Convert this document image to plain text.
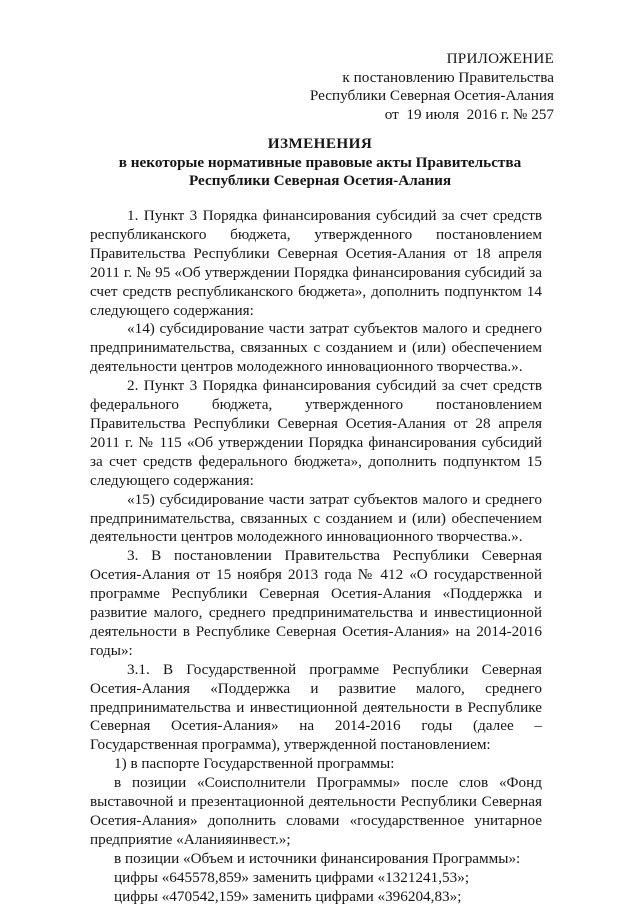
ПРИЛОЖЕНИЕ
к постановлению Правительства
Республики Северная Осетия-Алания
от  19 июля  2016 г. № 257
ИЗМЕНЕНИЯ
в некоторые нормативные правовые акты Правительства
Республики Северная Осетия-Алания

1. Пункт 3 Порядка финансирования субсидий за счет средств республиканского бюджета, утвержденного постановлением Правительства Республики Северная Осетия-Алания от 18 апреля 2011 г. № 95 «Об утверждении Порядка финансирования субсидий за счет средств республиканского бюджета», дополнить подпунктом 14 следующего содержания:

«14) субсидирование части затрат субъектов малого и среднего предпринимательства, связанных с созданием и (или) обеспечением деятельности центров молодежного инновационного творчества.».

2. Пункт 3 Порядка финансирования субсидий за счет средств федерального бюджета, утвержденного постановлением Правительства Республики Северная Осетия-Алания от 28 апреля 2011 г. № 115 «Об утверждении Порядка финансирования субсидий за счет средств федерального бюджета», дополнить подпунктом 15 следующего содержания:

«15) субсидирование части затрат субъектов малого и среднего предпринимательства, связанных с созданием и (или) обеспечением деятельности центров молодежного инновационного творчества.».

3. В постановлении Правительства Республики Северная Осетия-Алания от 15 ноября 2013 года № 412 «О государственной программе Республики Северная Осетия-Алания «Поддержка и развитие малого, среднего предпринимательства и инвестиционной деятельности в Республике Северная Осетия-Алания» на 2014-2016 годы»:

3.1. В Государственной программе Республики Северная Осетия-Алания «Поддержка и развитие малого, среднего предпринимательства и инвестиционной деятельности в Республике Северная Осетия-Алания» на 2014-2016 годы (далее – Государственная программа), утвержденной постановлением:

1) в паспорте Государственной программы:

в позиции «Соисполнители Программы» после слов «Фонд выставочной и презентационной деятельности Республики Северная Осетия-Алания» дополнить словами «государственное унитарное предприятие «Аланияинвест.»;

в позиции «Объем и источники финансирования Программы»:

цифры «645578,859» заменить цифрами «1321241,53»;

цифры «470542,159» заменить цифрами «396204,83»;
